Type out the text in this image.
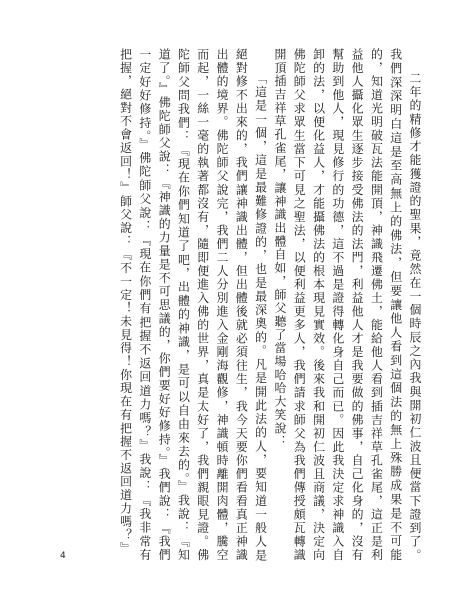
二年的精修才能獲證的聖果，竟然在一個時辰之內我與開初仁波且便當下證到了。我們深深明白這是至高無上的佛法，但要讓他人看到這個法的無上殊勝成果是不可能的，知道光明破瓦法能開頂，神識飛遷佛土，能給他人看到插吉祥草孔雀尾，這正是利益他人攝化眾生逐步接受佛法的法門，利益他人才是我要做的佛事，自己化身的，沒有幫助到他人，現見修行的功德，這不過是證得轉化身自己而已。因此我決定求神識入自卸的法，以便化益人，才能攝佛法的根本現見實效。後來我和開初仁波且商議，決定向佛陀師父求眾生當下可見之聖法，以便利益更多人，我們請求師父為我們傳授頗瓦轉識開頂插吉祥草孔雀尾，讓神識出體自如，師父聽了當場哈哈大笑說：

「這是一個，這是最難修證的，也是最深奧的。凡是開此法的人，要知道一般人是絕對修不出來的，我們讓神識出體，但出體後就必須往生，我今天要你們看看真正神識出體的境界。佛陀師父說完，我們二人分別進入金剛海觀修，神識頓時離開肉體，騰空而起，一絲一毫的執著都沒有，隨即便進入佛的世界，真是太好了，我們親眼見證。佛陀師父問我們：『現在你們知道了吧，出體的神識，是可以自由來去的。』我說：『知道了。』佛陀師父說：『神識的力量是不可思議的，你們要好好修持。』我們說：『我們一定好好修持。』佛陀師父說：『現在你們有把握不返回道力嗎？』我說：『我非常有把握，絕對不會返回！』師父說：『不一定！未見得！你現在有把握不返回道力嗎？』

4
